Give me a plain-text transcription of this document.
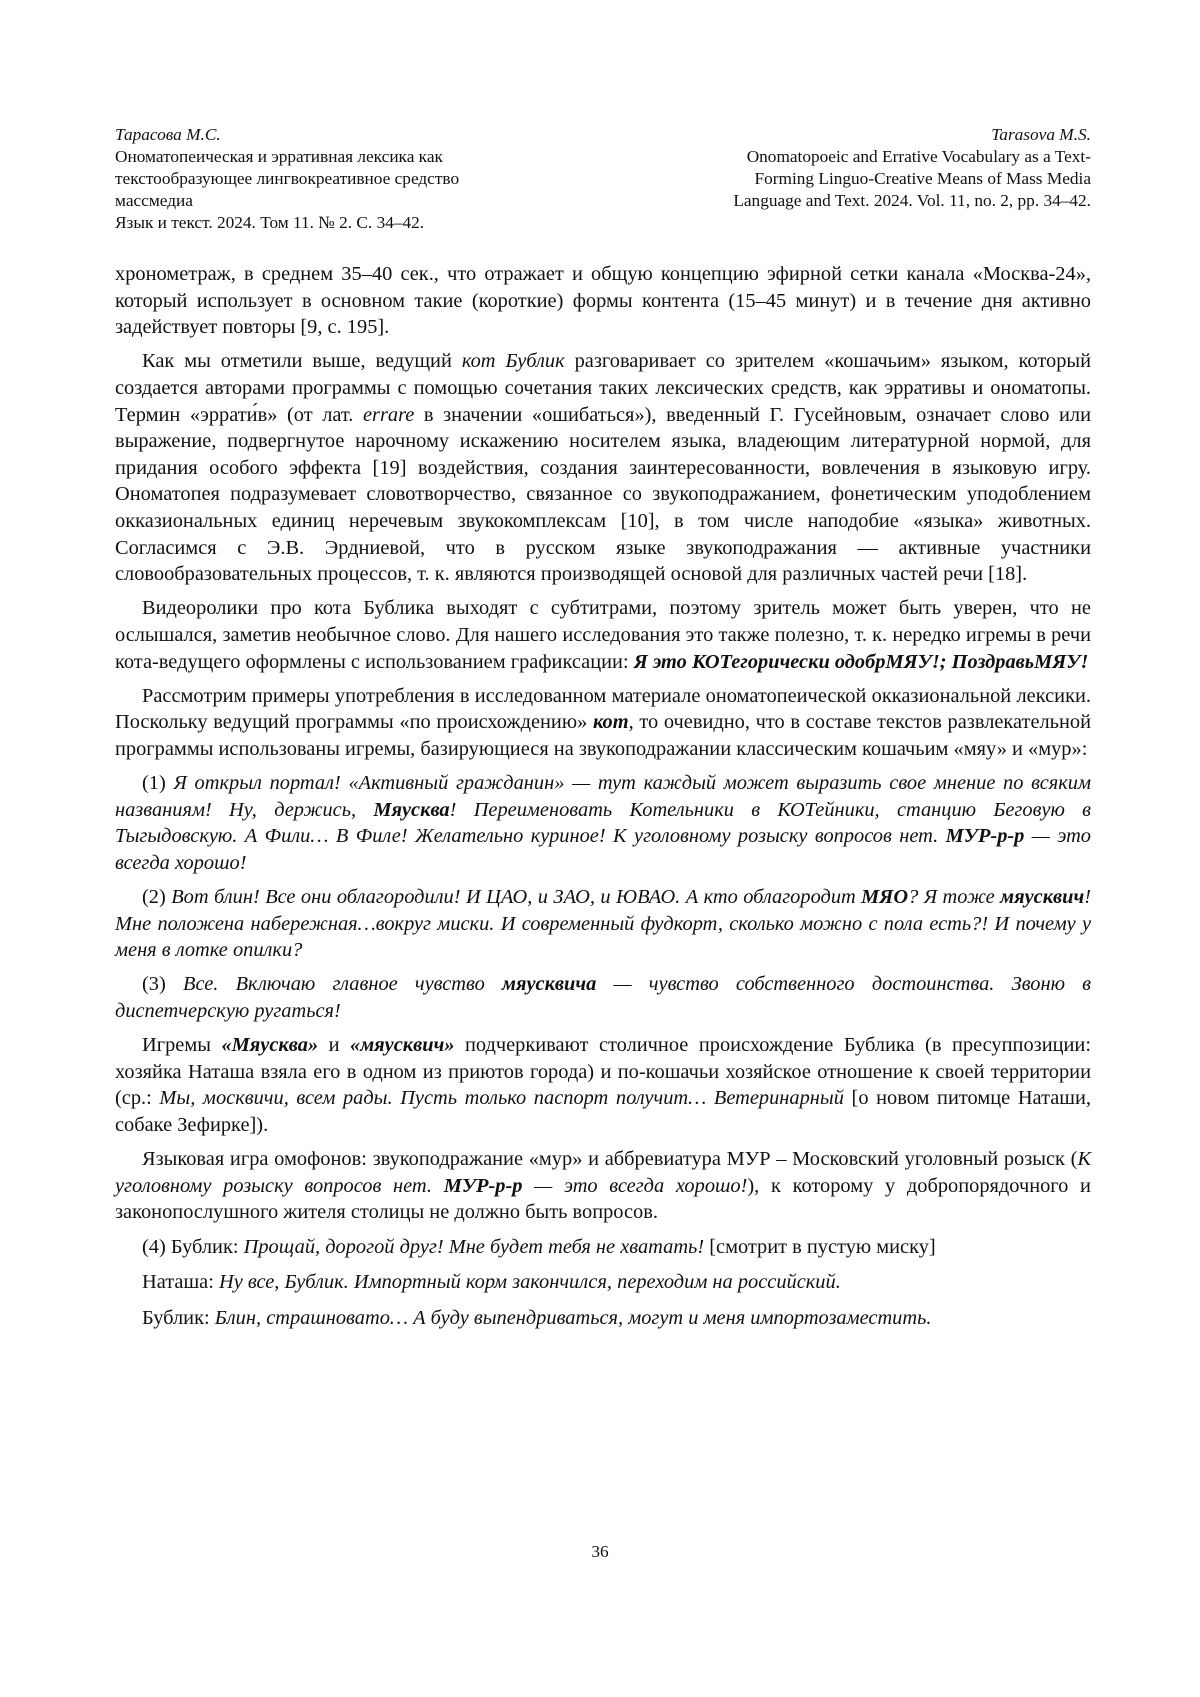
Тарасова М.С.
Ономатопеическая и эрративная лексика как
текстообразующее лингвокреативное средство
массмедиа
Язык и текст. 2024. Том 11. № 2. С. 34–42.
Tarasova M.S.
Onomatopoeic and Errative Vocabulary as a Text-
Forming Linguo-Creative Means of Mass Media
Language and Text. 2024. Vol. 11, no. 2, pp. 34–42.

хронометраж, в среднем 35–40 сек., что отражает и общую концепцию эфирной сетки канала «Москва-24», который использует в основном такие (короткие) формы контента (15–45 минут) и в течение дня активно задействует повторы [9, с. 195].

Как мы отметили выше, ведущий кот Бублик разговаривает со зрителем «кошачьим» языком, который создается авторами программы с помощью сочетания таких лексических средств, как эрративы и ономатопы. Термин «эррати́в» (от лат. errare в значении «ошибаться»), введенный Г. Гусейновым, означает слово или выражение, подвергнутое нарочному искажению носителем языка, владеющим литературной нормой, для придания особого эффекта [19] воздействия, создания заинтересованности, вовлечения в языковую игру. Ономатопея подразумевает словотворчество, связанное со звукоподражанием, фонетическим уподоблением окказиональных единиц неречевым звукокомплексам [10], в том числе наподобие «языка» животных. Согласимся с Э.В. Эрдниевой, что в русском языке звукоподражания — активные участники словообразовательных процессов, т. к. являются производящей основой для различных частей речи [18].

Видеоролики про кота Бублика выходят с субтитрами, поэтому зритель может быть уверен, что не ослышался, заметив необычное слово. Для нашего исследования это также полезно, т. к. нередко игремы в речи кота-ведущего оформлены с использованием графиксации: Я это КОТегорически одобрМЯУ!; ПоздравьМЯУ!

Рассмотрим примеры употребления в исследованном материале ономатопеической окказиональной лексики. Поскольку ведущий программы «по происхождению» кот, то очевидно, что в составе текстов развлекательной программы использованы игремы, базирующиеся на звукоподражании классическим кошачьим «мяу» и «мур»:

(1) Я открыл портал! «Активный гражданин» — тут каждый может выразить свое мнение по всяким названиям! Ну, держись, Мяусква! Переименовать Котельники в КОТейники, станцию Беговую в Тыгыдовскую. А Фили… В Филе! Желательно куриное! К уголовному розыску вопросов нет. МУР-р-р — это всегда хорошо!

(2) Вот блин! Все они облагородили! И ЦАО, и ЗАО, и ЮВАО. А кто облагородит МЯО? Я тоже мяусквич! Мне положена набережная…вокруг миски. И современный фудкорт, сколько можно с пола есть?! И почему у меня в лотке опилки?

(3) Все. Включаю главное чувство мяусквича — чувство собственного достоинства. Звоню в диспетчерскую ругаться!

Игремы «Мяусква» и «мяусквич» подчеркивают столичное происхождение Бублика (в пресуппозиции: хозяйка Наташа взяла его в одном из приютов города) и по-кошачьи хозяйское отношение к своей территории (ср.: Мы, москвичи, всем рады. Пусть только паспорт получит… Ветеринарный [о новом питомце Наташи, собаке Зефирке]).

Языковая игра омофонов: звукоподражание «мур» и аббревиатура МУР – Московский уголовный розыск (К уголовному розыску вопросов нет. МУР-р-р — это всегда хорошо!), к которому у добропорядочного и законопослушного жителя столицы не должно быть вопросов.

(4) Бублик: Прощай, дорогой друг! Мне будет тебя не хватать! [смотрит в пустую миску]

Наташа: Ну все, Бублик. Импортный корм закончился, переходим на российский.

Бублик: Блин, страшновато… А буду выпендриваться, могут и меня импортозаместить.

36
